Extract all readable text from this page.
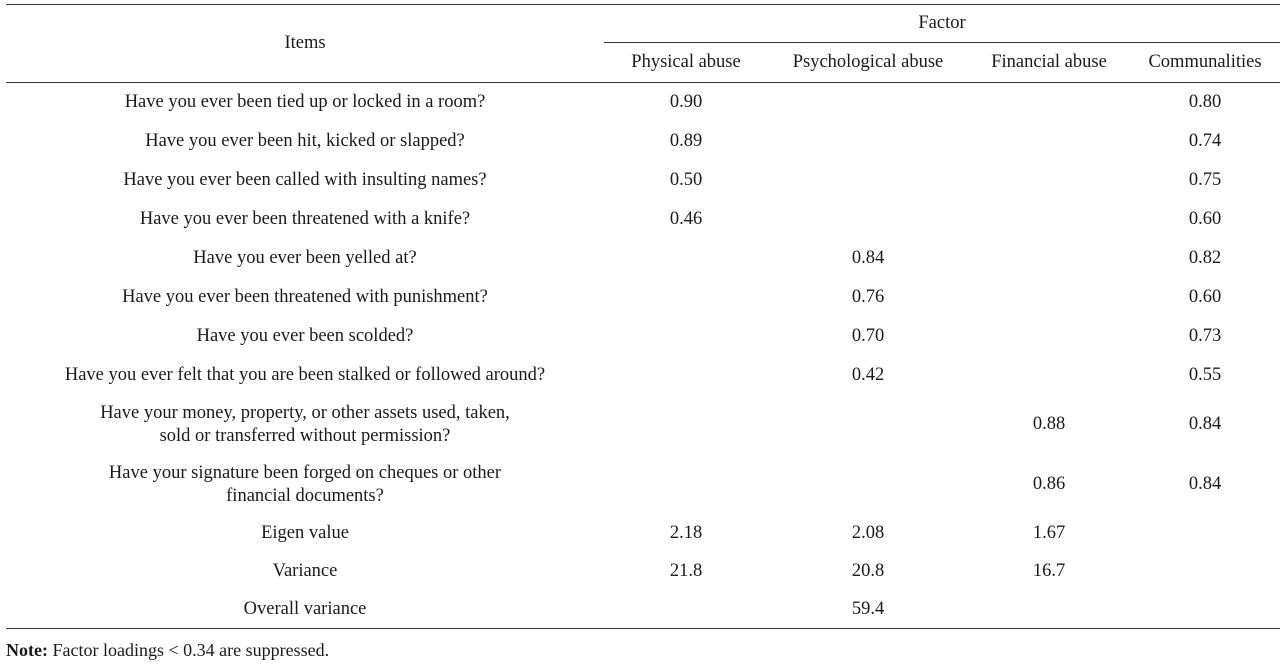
Items	Factor			
	Physical abuse	Psychological abuse	Financial abuse	Communalities
Have you ever been tied up or locked in a room?	0.90			0.80
Have you ever been hit, kicked or slapped?	0.89			0.74
Have you ever been called with insulting names?	0.50			0.75
Have you ever been threatened with a knife?	0.46			0.60
Have you ever been yelled at?		0.84		0.82
Have you ever been threatened with punishment?		0.76		0.60
Have you ever been scolded?		0.70		0.73
Have you ever felt that you are been stalked or followed around?		0.42		0.55
Have your money, property, or other assets used, taken,
sold or transferred without permission?			0.88	0.84
Have your signature been forged on cheques or other
financial documents?			0.86	0.84
Eigen value	2.18	2.08	1.67	
Variance	21.8	20.8	16.7	
Overall variance		59.4		
Note: Factor loadings < 0.34 are suppressed.
